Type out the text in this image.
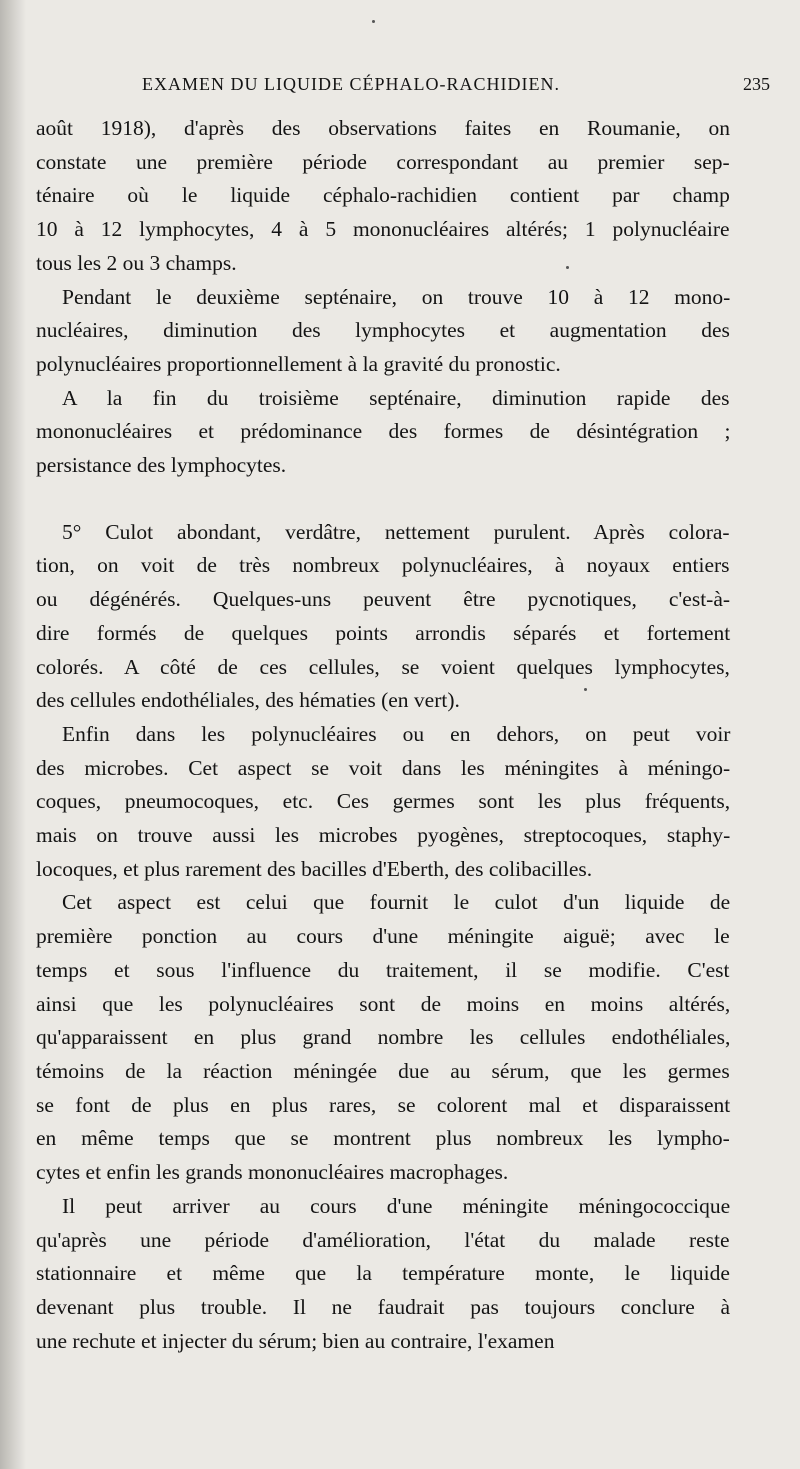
EXAMEN DU LIQUIDE CÉPHALO-RACHIDIEN.	235

août 1918), d'après des observations faites en Roumanie, on
constate une première période correspondant au premier sep-
ténaire où le liquide céphalo-rachidien contient par champ
10 à 12 lymphocytes, 4 à 5 mononucléaires altérés; 1 polynucléaire
tous les 2 ou 3 champs.

Pendant le deuxième septénaire, on trouve 10 à 12 mono-
nucléaires, diminution des lymphocytes et augmentation des
polynucléaires proportionnellement à la gravité du pronostic.

A la fin du troisième septénaire, diminution rapide des
mononucléaires et prédominance des formes de désintégration ;
persistance des lymphocytes.

5° Culot abondant, verdâtre, nettement purulent. Après colora-
tion, on voit de très nombreux polynucléaires, à noyaux entiers
ou dégénérés. Quelques-uns peuvent être pycnotiques, c'est-à-
dire formés de quelques points arrondis séparés et fortement
colorés. A côté de ces cellules, se voient quelques lymphocytes,
des cellules endothéliales, des hématies (en vert).

Enfin dans les polynucléaires ou en dehors, on peut voir
des microbes. Cet aspect se voit dans les méningites à méningo-
coques, pneumocoques, etc. Ces germes sont les plus fréquents,
mais on trouve aussi les microbes pyogènes, streptocoques, staphy-
locoques, et plus rarement des bacilles d'Eberth, des colibacilles.

Cet aspect est celui que fournit le culot d'un liquide de
première ponction au cours d'une méningite aiguë; avec le
temps et sous l'influence du traitement, il se modifie. C'est
ainsi que les polynucléaires sont de moins en moins altérés,
qu'apparaissent en plus grand nombre les cellules endothéliales,
témoins de la réaction méningée due au sérum, que les germes
se font de plus en plus rares, se colorent mal et disparaissent
en même temps que se montrent plus nombreux les lympho-
cytes et enfin les grands mononucléaires macrophages.

Il peut arriver au cours d'une méningite méningococcique
qu'après une période d'amélioration, l'état du malade reste
stationnaire et même que la température monte, le liquide
devenant plus trouble. Il ne faudrait pas toujours conclure à
une rechute et injecter du sérum; bien au contraire, l'examen
